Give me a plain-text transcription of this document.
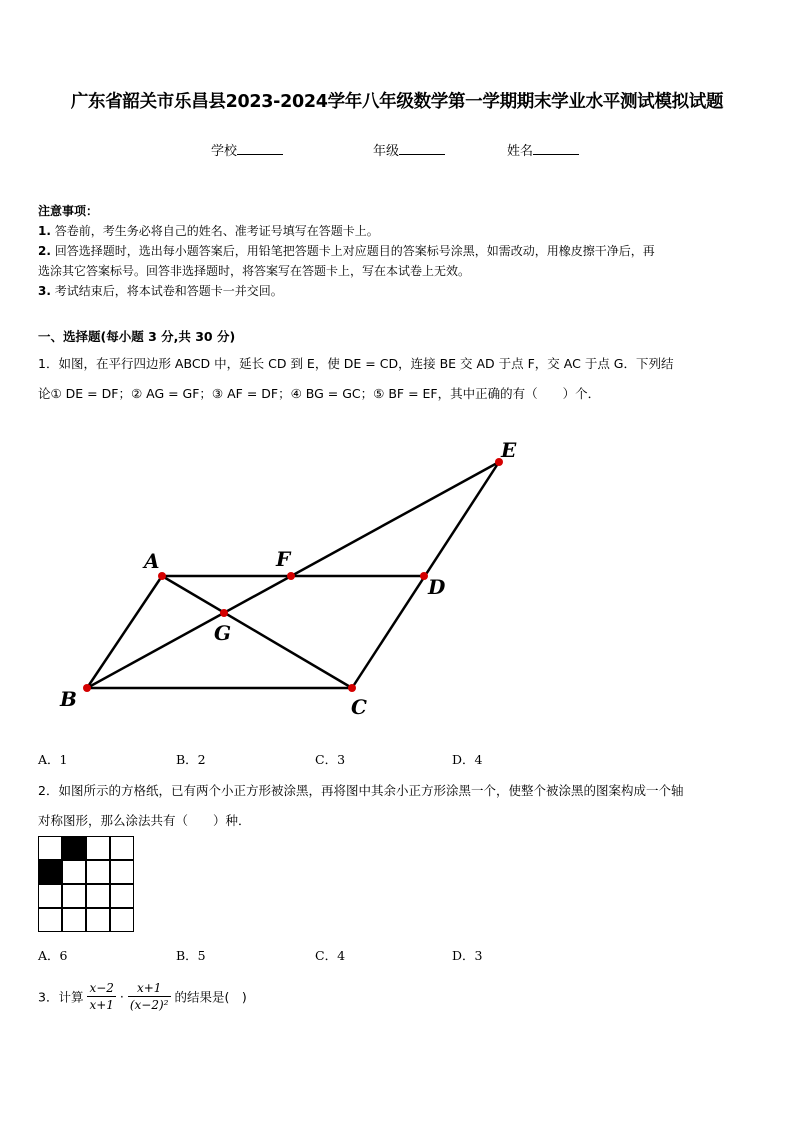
广东省韶关市乐昌县2023-2024学年八年级数学第一学期期末学业水平测试模拟试题
学校	年级	姓名
注意事项：
1. 答卷前，考生务必将自己的姓名、准考证号填写在答题卡上。
2. 回答选择题时，选出每小题答案后，用铅笔把答题卡上对应题目的答案标号涂黑，如需改动，用橡皮擦干净后，再
选涂其它答案标号。回答非选择题时，将答案写在答题卡上，写在本试卷上无效。
3. 考试结束后，将本试卷和答题卡一并交回。
一、选择题(每小题 3 分,共 30 分)
1．如图，在平行四边形 ABCD 中，延长 CD 到 E，使 DE = CD，连接 BE 交 AD 于点 F，交 AC 于点 G．下列结
论① DE = DF；② AG = GF；③ AF = DF；④ BG = GC；⑤ BF = EF，其中正确的有（　　）个．
A
B	C
D
E
F
G
A．1	B．2	C．3	D．4
2．如图所示的方格纸，已有两个小正方形被涂黑，再将图中其余小正方形涂黑一个，使整个被涂黑的图案构成一个轴
对称图形，那么涂法共有（　　）种．
A．6	B．5	C．4	D．3
3．计算 $\frac{x-2}{x+1} \cdot \frac{x+1}{\text{(x−2)²}}$ 的结果是(　)
